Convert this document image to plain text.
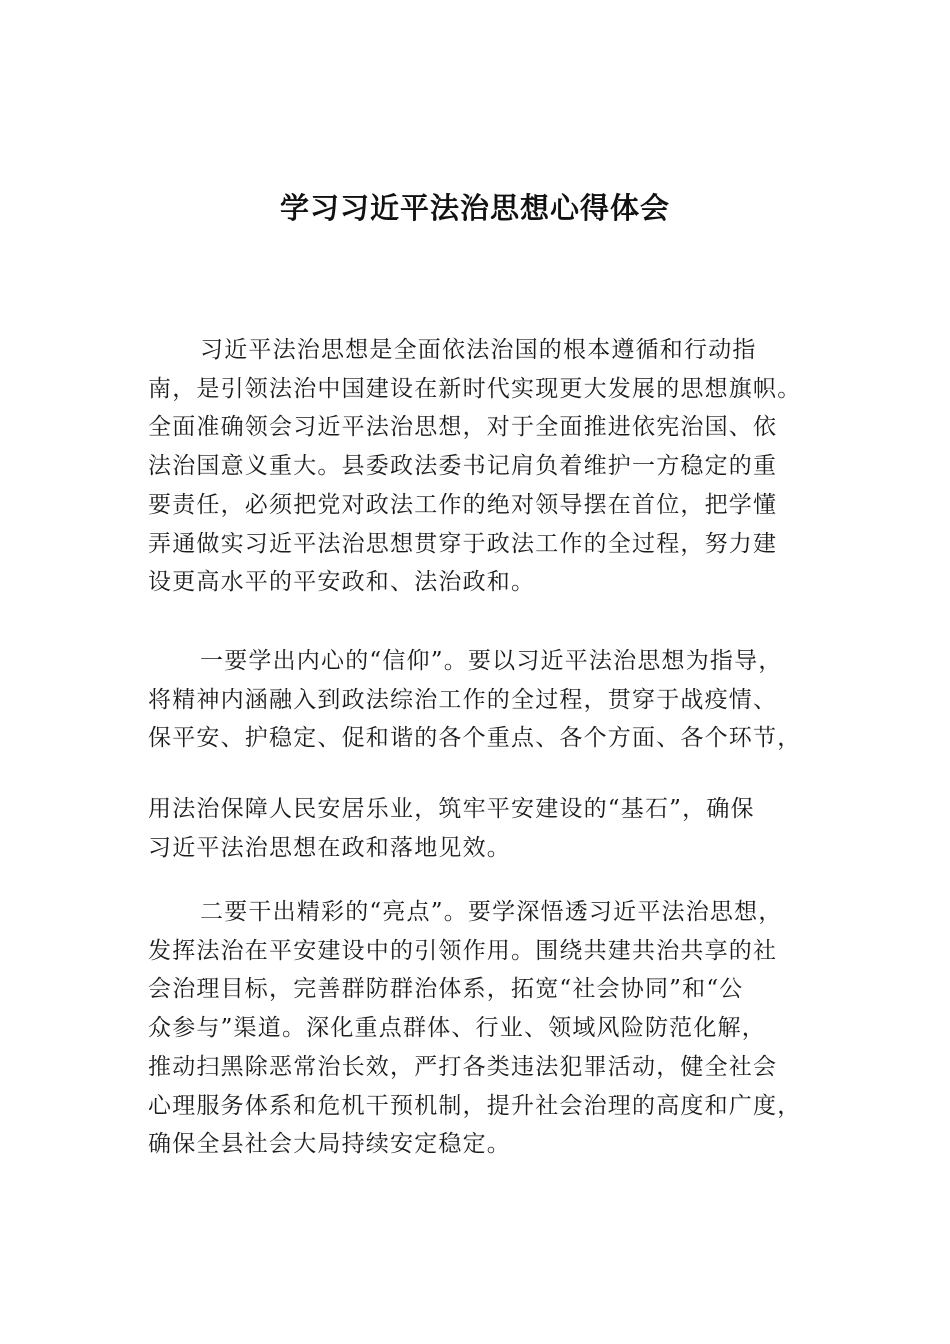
学习习近平法治思想心得体会
习近平法治思想是全面依法治国的根本遵循和行动指
南，是引领法治中国建设在新时代实现更大发展的思想旗帜。
全面准确领会习近平法治思想，对于全面推进依宪治国、依
法治国意义重大。县委政法委书记肩负着维护一方稳定的重
要责任，必须把党对政法工作的绝对领导摆在首位，把学懂
弄通做实习近平法治思想贯穿于政法工作的全过程，努力建
设更高水平的平安政和、法治政和。
一要学出内心的“信仰”。要以习近平法治思想为指导，
将精神内涵融入到政法综治工作的全过程，贯穿于战疫情、
保平安、护稳定、促和谐的各个重点、各个方面、各个环节，
用法治保障人民安居乐业，筑牢平安建设的“基石”，确保
习近平法治思想在政和落地见效。
二要干出精彩的“亮点”。要学深悟透习近平法治思想，
发挥法治在平安建设中的引领作用。围绕共建共治共享的社
会治理目标，完善群防群治体系，拓宽“社会协同”和“公
众参与”渠道。深化重点群体、行业、领域风险防范化解，
推动扫黑除恶常治长效，严打各类违法犯罪活动，健全社会
心理服务体系和危机干预机制，提升社会治理的高度和广度，
确保全县社会大局持续安定稳定。
